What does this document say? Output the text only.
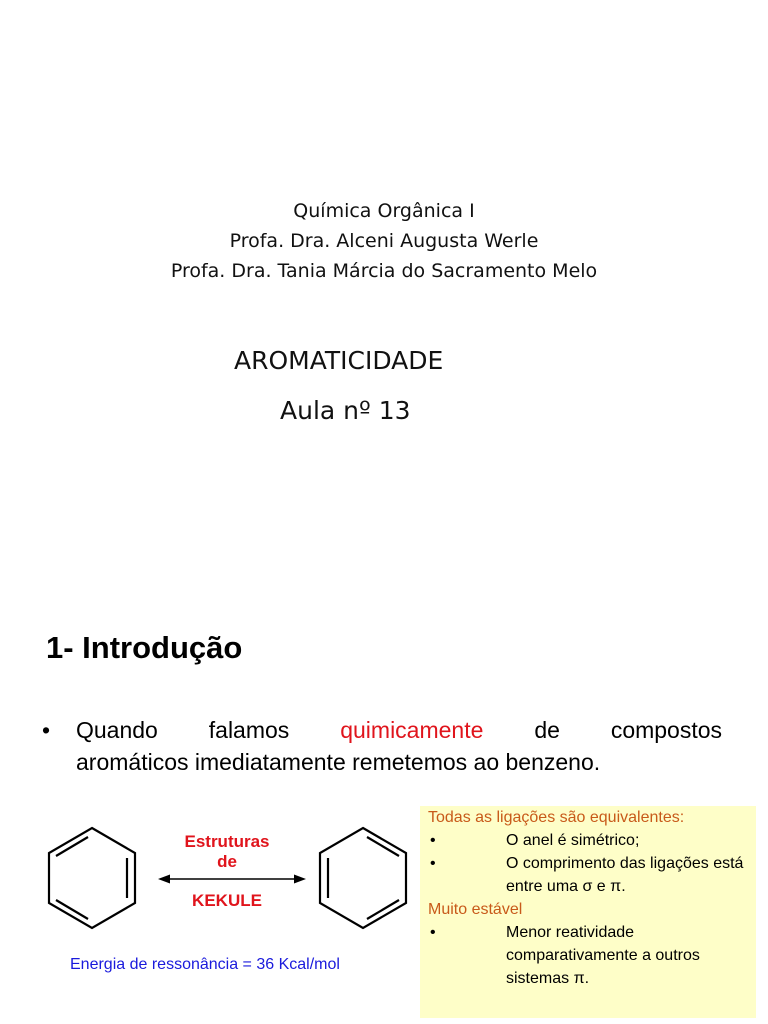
Química Orgânica I
Profa. Dra. Alceni Augusta Werle
Profa. Dra. Tania Márcia do Sacramento Melo
AROMATICIDADE
Aula nº 13
1- Introdução
• Quando falamos quimicamente de compostos
aromáticos imediatamente remetemos ao benzeno.
Estruturas
de
KEKULE
Energia de ressonância = 36 Kcal/mol
Todas as ligações são equivalentes:
•	O anel é simétrico;
•	O comprimento das ligações está entre uma σ e π.
Muito estável
•	Menor reatividade comparativamente a outros sistemas π.
